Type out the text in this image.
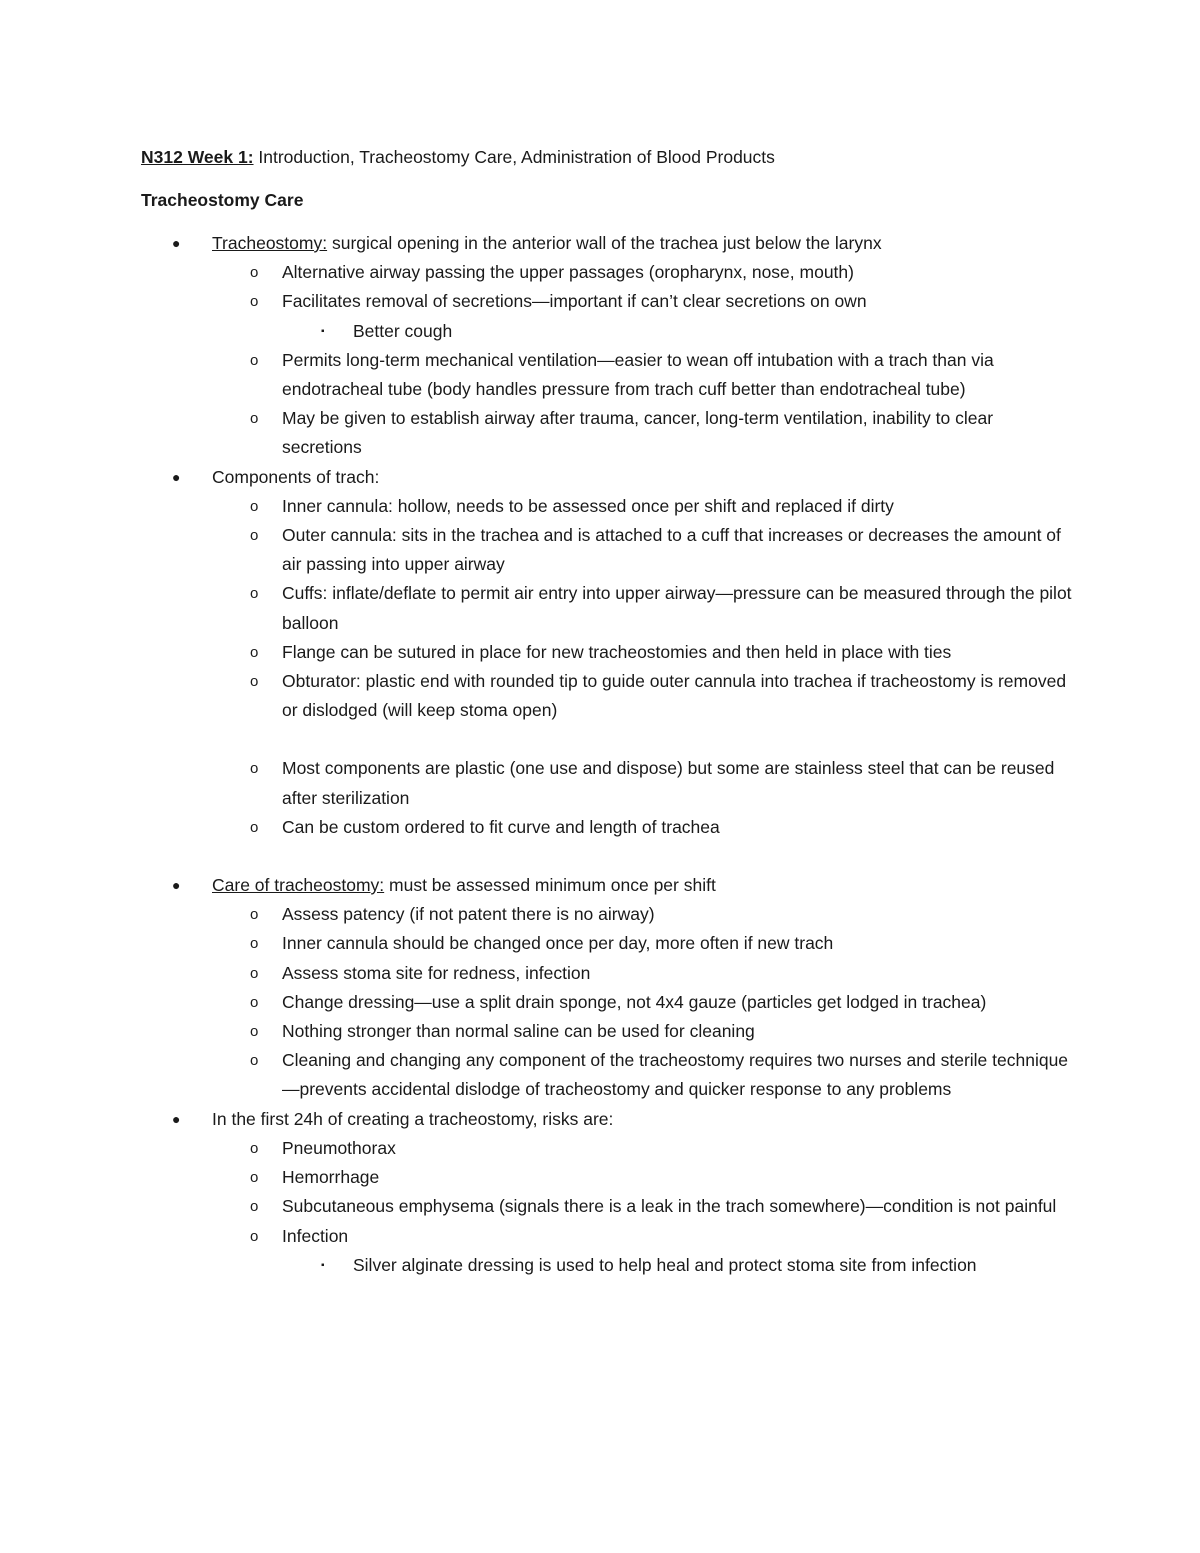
N312 Week 1: Introduction, Tracheostomy Care, Administration of Blood Products
Tracheostomy Care

● Tracheostomy: surgical opening in the anterior wall of the trachea just below the larynx

o Alternative airway passing the upper passages (oropharynx, nose, mouth)

o Facilitates removal of secretions—important if can’t clear secretions on own

▪ Better cough

o Permits long-term mechanical ventilation—easier to wean off intubation with a trach than via endotracheal tube (body handles pressure from trach cuff better than endotracheal tube)

o May be given to establish airway after trauma, cancer, long-term ventilation, inability to clear secretions

● Components of trach:

o Inner cannula: hollow, needs to be assessed once per shift and replaced if dirty

o Outer cannula: sits in the trachea and is attached to a cuff that increases or decreases the amount of air passing into upper airway

o Cuffs: inflate/deflate to permit air entry into upper airway—pressure can be measured through the pilot balloon

o Flange can be sutured in place for new tracheostomies and then held in place with ties

o Obturator: plastic end with rounded tip to guide outer cannula into trachea if tracheostomy is removed or dislodged (will keep stoma open)

o Most components are plastic (one use and dispose) but some are stainless steel that can be reused after sterilization

o Can be custom ordered to fit curve and length of trachea

● Care of tracheostomy: must be assessed minimum once per shift

o Assess patency (if not patent there is no airway)

o Inner cannula should be changed once per day, more often if new trach

o Assess stoma site for redness, infection

o Change dressing—use a split drain sponge, not 4x4 gauze (particles get lodged in trachea)

o Nothing stronger than normal saline can be used for cleaning

o Cleaning and changing any component of the tracheostomy requires two nurses and sterile technique—prevents accidental dislodge of tracheostomy and quicker response to any problems

● In the first 24h of creating a tracheostomy, risks are:

o Pneumothorax

o Hemorrhage

o Subcutaneous emphysema (signals there is a leak in the trach somewhere)—condition is not painful

o Infection

▪ Silver alginate dressing is used to help heal and protect stoma site from infection
